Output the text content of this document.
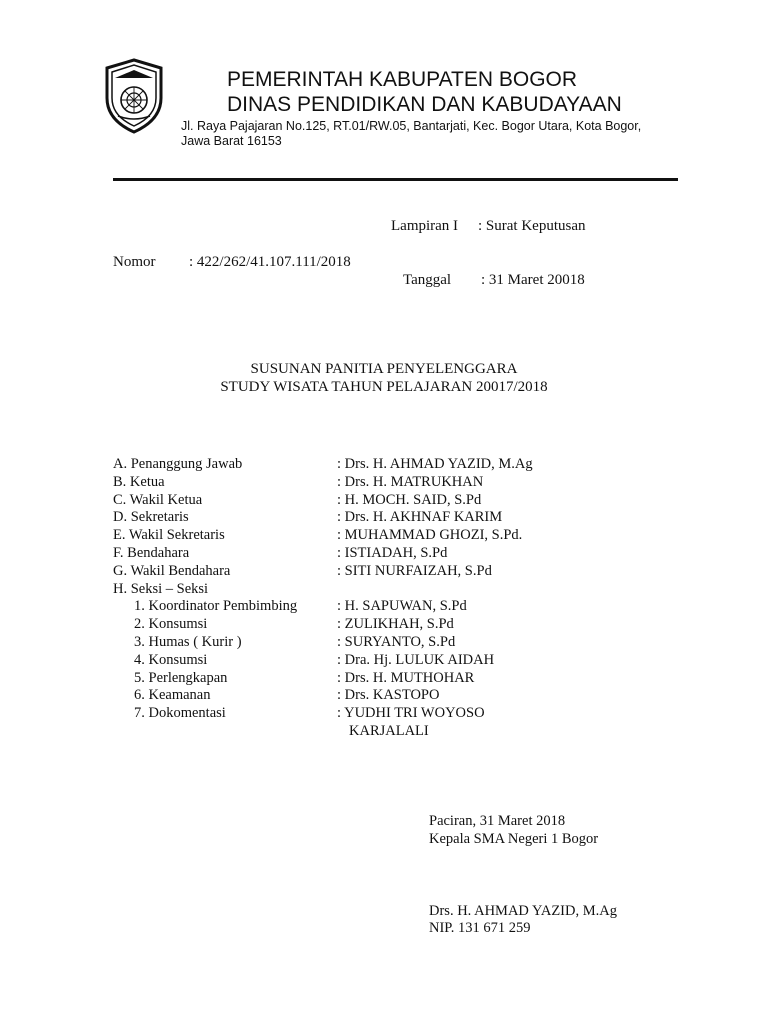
PEMERINTAH KABUPATEN BOGOR
DINAS PENDIDIKAN DAN KABUDAYAAN
Jl. Raya Pajajaran No.125, RT.01/RW.05, Bantarjati, Kec. Bogor Utara, Kota Bogor,
Jawa Barat 16153
Lampiran I : Surat Keputusan
Nomor : 422/262/41.107.111/2018
Tanggal : 31 Maret 20018
SUSUNAN PANITIA PENYELENGGARA
STUDY WISATA TAHUN PELAJARAN 20017/2018
A. Penanggung Jawab	: Drs. H. AHMAD YAZID, M.Ag
B. Ketua	: Drs. H. MATRUKHAN
C. Wakil Ketua	: H. MOCH. SAID, S.Pd
D. Sekretaris	: Drs. H. AKHNAF KARIM
E. Wakil Sekretaris	: MUHAMMAD GHOZI, S.Pd.
F. Bendahara	: ISTIADAH, S.Pd
G. Wakil Bendahara	: SITI NURFAIZAH, S.Pd
H. Seksi – Seksi
1. Koordinator Pembimbing	: H. SAPUWAN, S.Pd
2. Konsumsi	: ZULIKHAH, S.Pd
3. Humas ( Kurir )	: SURYANTO, S.Pd
4. Konsumsi	: Dra. Hj. LULUK AIDAH
5. Perlengkapan	: Drs. H. MUTHOHAR
6. Keamanan	: Drs. KASTOPO
7. Dokomentasi	: YUDHI TRI WOYOSO
KARJALALI
Paciran, 31 Maret 2018
Kepala SMA Negeri 1 Bogor
Drs. H. AHMAD YAZID, M.Ag
NIP. 131 671 259
